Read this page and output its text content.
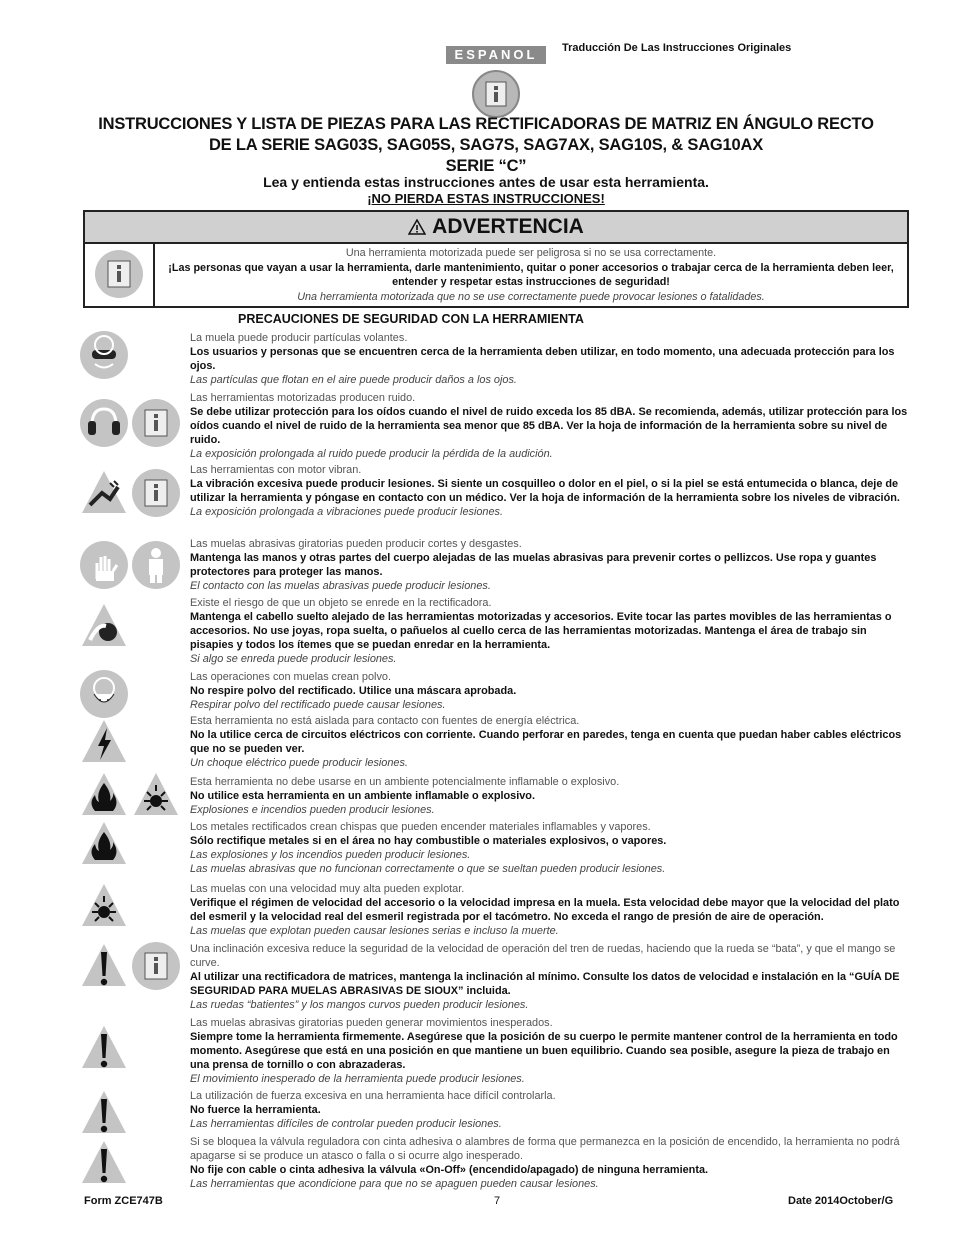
ESPANOL	Traducción De Las Instrucciones Originales
INSTRUCCIONES Y LISTA DE PIEZAS PARA LAS RECTIFICADORAS DE MATRIZ EN ÁNGULO RECTO
DE LA SERIE SAG03S, SAG05S, SAG7S, SAG7AX, SAG10S, & SAG10AX
SERIE “C”
Lea y entienda estas instrucciones antes de usar esta herramienta.
¡NO PIERDA ESTAS INSTRUCCIONES!
ADVERTENCIA
Una herramienta motorizada puede ser peligrosa si no se usa correctamente.
¡Las personas que vayan a usar la herramienta, darle mantenimiento, quitar o poner accesorios o trabajar cerca de la herramienta deben leer, entender y respetar estas instrucciones de seguridad!
Una herramienta motorizada que no se use correctamente puede provocar lesiones o fatalidades.
PRECAUCIONES DE SEGURIDAD CON LA HERRAMIENTA
La muela puede producir partículas volantes.
Los usuarios y personas que se encuentren cerca de la herramienta deben utilizar, en todo momento, una adecuada protección para los ojos.
Las partículas que flotan en el aire puede producir daños a los ojos.
Las herramientas motorizadas producen ruido.
Se debe utilizar protección para los oídos cuando el nivel de ruido exceda los 85 dBA. Se recomienda, además, utilizar protección para los oídos cuando el nivel de ruido de la herramienta sea menor que 85 dBA. Ver la hoja de información de la herramienta sobre su nivel de ruido.
La exposición prolongada al ruido puede producir la pérdida de la audición.
Las herramientas con motor vibran.
La vibración excesiva puede producir lesiones. Si siente un cosquilleo o dolor en el piel, o si la piel se está entumecida o blanca, deje de utilizar la herramienta y póngase en contacto con un médico. Ver la hoja de información de la herramienta sobre los niveles de vibración.
La exposición prolongada a vibraciones puede producir lesiones.
Las muelas abrasivas giratorias pueden producir cortes y desgastes.
Mantenga las manos y otras partes del cuerpo alejadas de las muelas abrasivas para prevenir cortes o pellizcos. Use ropa y guantes protectores para proteger las manos.
El contacto con las muelas abrasivas puede producir lesiones.
Existe el riesgo de que un objeto se enrede en la rectificadora.
Mantenga el cabello suelto alejado de las herramientas motorizadas y accesorios. Evite tocar las partes movibles de las herramientas o accesorios. No use joyas, ropa suelta, o pañuelos al cuello cerca de las herramientas motorizadas. Mantenga el área de trabajo sin pisapies y todos los ítemes que se puedan enredar en la herramienta.
Si algo se enreda puede producir lesiones.
Las operaciones con muelas crean polvo.
No respire polvo del rectificado. Utilice una máscara aprobada.
Respirar polvo del rectificado puede causar lesiones.
Esta herramienta no está aislada para contacto con fuentes de energía eléctrica.
No la utilice cerca de circuitos eléctricos con corriente. Cuando perforar en paredes, tenga en cuenta que puedan haber cables eléctricos que no se pueden ver.
Un choque eléctrico puede producir lesiones.
Esta herramienta no debe usarse en un ambiente potencialmente inflamable o explosivo.
No utilice esta herramienta en un ambiente inflamable o explosivo.
Explosiones e incendios pueden producir lesiones.
Los metales rectificados crean chispas que pueden encender materiales inflamables y vapores.
Sólo rectifique metales si en el área no hay combustible o materiales explosivos, o vapores.
Las explosiones y los incendios pueden producir lesiones.
Las muelas abrasivas que no funcionan correctamente o que se sueltan pueden producir lesiones.
Las muelas con una velocidad muy alta pueden explotar.
Verifique el régimen de velocidad del accesorio o la velocidad impresa en la muela. Esta velocidad debe mayor que la velocidad del plato del esmeril y la velocidad real del esmeril registrada por el tacómetro. No exceda el rango de presión de aire de operación.
Las muelas que explotan pueden causar lesiones serias e incluso la muerte.
Una inclinación excesiva reduce la seguridad de la velocidad de operación del tren de ruedas, haciendo que la rueda se “bata”, y que el mango se curve.
Al utilizar una rectificadora de matrices, mantenga la inclinación al mínimo. Consulte los datos de velocidad e instalación en la “GUÍA DE SEGURIDAD PARA MUELAS ABRASIVAS DE SIOUX” incluida.
Las ruedas “batientes” y los mangos curvos pueden producir lesiones.
Las muelas abrasivas giratorias pueden generar movimientos inesperados.
Siempre tome la herramienta firmemente. Asegúrese que la posición de su cuerpo le permite mantener control de la herramienta en todo momento. Asegúrese que está en una posición en que mantiene un buen equilibrio. Cuando sea posible, asegure la pieza de trabajo en una prensa de tornillo o con abrazaderas.
El movimiento inesperado de la herramienta puede producir lesiones.
La utilización de fuerza excesiva en una herramienta hace difícil controlarla.
No fuerce la herramienta.
Las herramientas difíciles de controlar pueden producir lesiones.
Si se bloquea la válvula reguladora con cinta adhesiva o alambres de forma que permanezca en la posición de encendido, la herramienta no podrá apagarse si se produce un atasco o falla o si ocurre algo inesperado.
No fije con cable o cinta adhesiva la válvula «On-Off» (encendido/apagado) de ninguna herramienta.
Las herramientas que acondicione para que no se apaguen pueden causar lesiones.
Form ZCE747B	7	Date 2014October/G
